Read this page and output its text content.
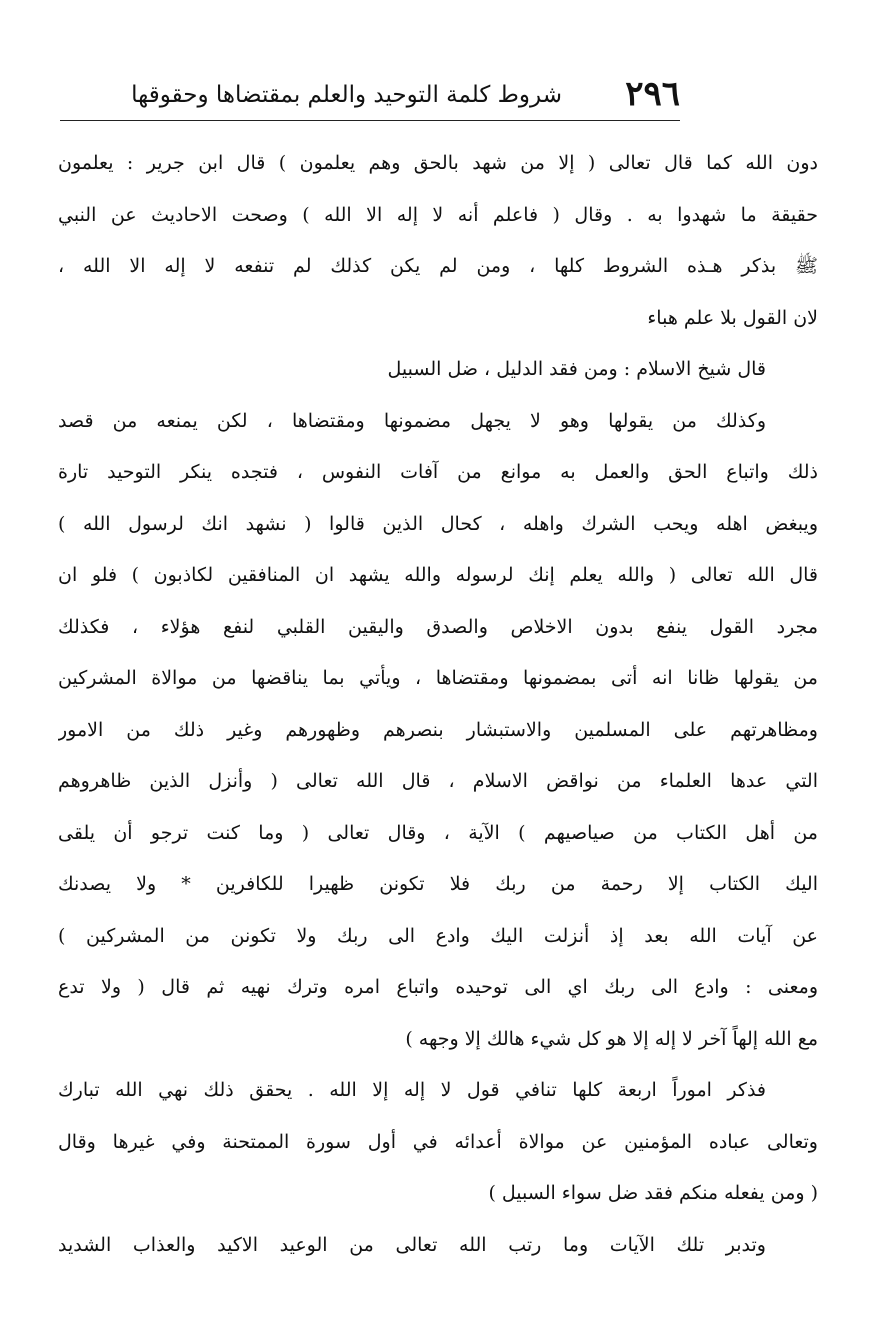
٢٩٦
شروط كلمة التوحيد والعلم بمقتضاها وحقوقها
دون الله كما قال تعالى ( إلا من شهد بالحق وهم يعلمون ) قال ابن جرير : يعلمون
حقيقة ما شهدوا به . وقال ( فاعلم أنه لا إله الا الله ) وصحت الاحاديث عن النبي
ﷺ بذكر هـذه الشروط كلها ، ومن لم يكن كذلك لم تنفعه لا إله الا الله ،
لان القول بلا علم هباء
قال شيخ الاسلام : ومن فقد الدليل ، ضل السبيل
وكذلك من يقولها وهو لا يجهل مضمونها ومقتضاها ، لكن يمنعه من قصد
ذلك واتباع الحق والعمل به موانع من آفات النفوس ، فتجده ينكر التوحيد تارة
ويبغض اهله ويحب الشرك واهله ، كحال الذين قالوا ( نشهد انك لرسول الله )
قال الله تعالى ( والله يعلم إنك لرسوله والله يشهد ان المنافقين لكاذبون ) فلو ان
مجرد القول ينفع بدون الاخلاص والصدق واليقين القلبي لنفع هؤلاء ، فكذلك
من يقولها ظانا انه أتى بمضمونها ومقتضاها ، ويأتي بما يناقضها من موالاة المشركين
ومظاهرتهم على المسلمين والاستبشار بنصرهم وظهورهم وغير ذلك من الامور
التي عدها العلماء من نواقض الاسلام ، قال الله تعالى ( وأنزل الذين ظاهروهم
من أهل الكتاب من صياصيهم ) الآية ، وقال تعالى ( وما كنت ترجو أن يلقى
اليك الكتاب إلا رحمة من ربك فلا تكونن ظهيرا للكافرين * ولا يصدنك
عن آيات الله بعد إذ أنزلت اليك وادع الى ربك ولا تكونن من المشركين )
ومعنى : وادع الى ربك اي الى توحيده واتباع امره وترك نهيه ثم قال ( ولا تدع
مع الله إلهاً آخر لا إله إلا هو كل شيء هالك إلا وجهه )
فذكر اموراً اربعة كلها تنافي قول لا إله إلا الله . يحقق ذلك نهي الله تبارك
وتعالى عباده المؤمنين عن موالاة أعدائه في أول سورة الممتحنة وفي غيرها وقال
( ومن يفعله منكم فقد ضل سواء السبيل )
وتدبر تلك الآيات وما رتب الله تعالى من الوعيد الاكيد والعذاب الشديد
